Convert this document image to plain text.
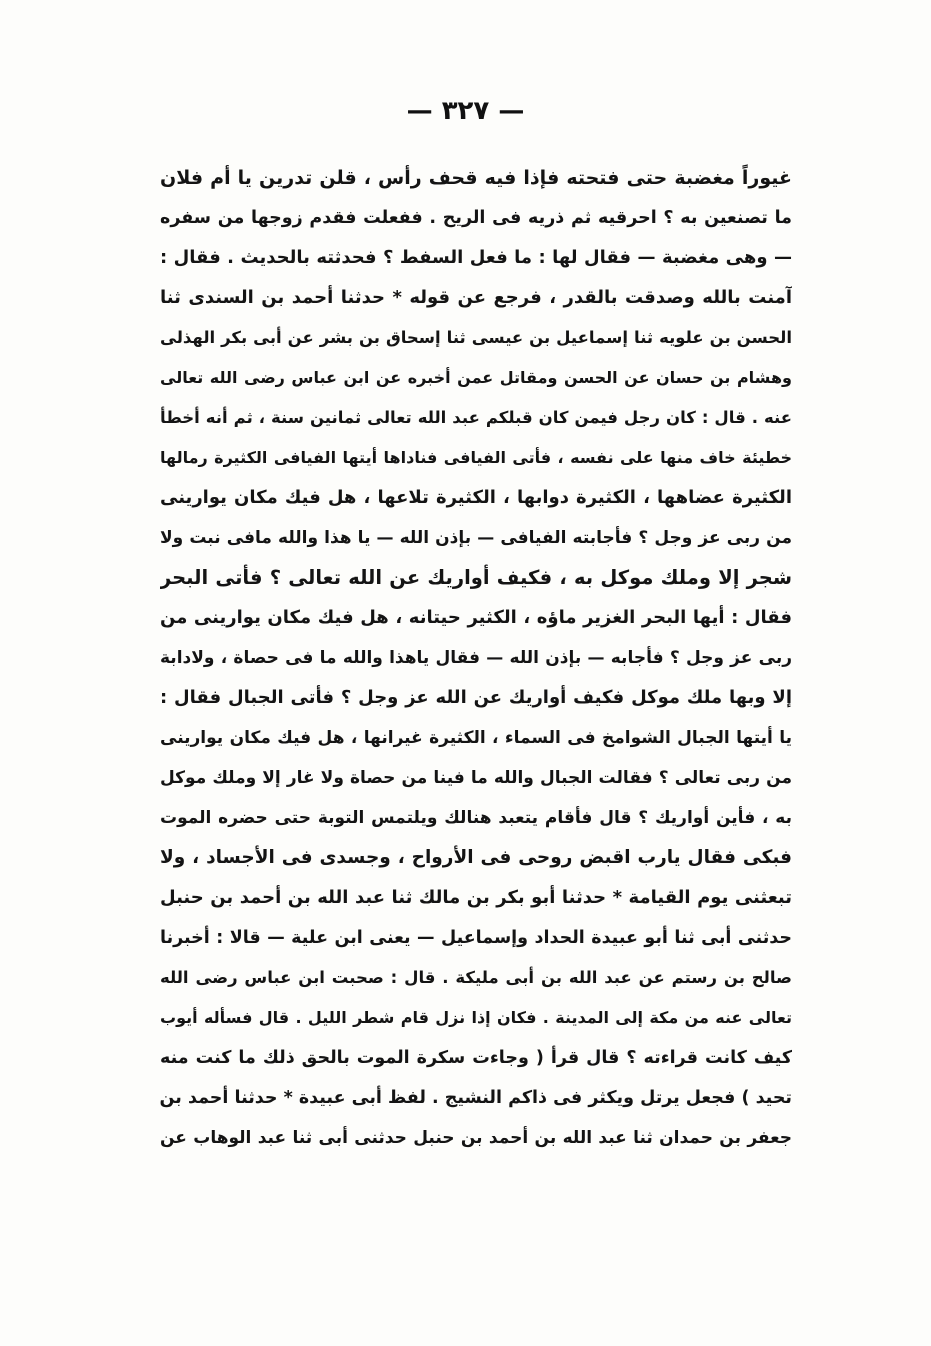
— ٣٢٧ —
غيوراً مغضبة حتى فتحته فإذا فيه قحف رأس ، قلن تدرين يا أم فلان
ما تصنعين به ؟ احرقيه ثم ذريه فى الريح . ففعلت فقدم زوجها من سفره
— وهى مغضبة — فقال لها : ما فعل السفط ؟ فحدثته بالحديث . فقال :
آمنت بالله وصدقت بالقدر ، فرجع عن قوله * حدثنا أحمد بن السندى ثنا
الحسن بن علويه ثنا إسماعيل بن عيسى ثنا إسحاق بن بشر عن أبى بكر الهذلى
وهشام بن حسان عن الحسن ومقاتل عمن أخبره عن ابن عباس رضى الله تعالى
عنه . قال : كان رجل فيمن كان قبلكم عبد الله تعالى ثمانين سنة ، ثم أنه أخطأ
خطيئة خاف منها على نفسه ، فأتى الفيافى فناداها أيتها الفيافى الكثيرة رمالها
الكثيرة عضاهها ، الكثيرة دوابها ، الكثيرة تلاعها ، هل فيك مكان يوارينى
من ربى عز وجل ؟ فأجابته الفيافى — بإذن الله — يا هذا والله مافى نبت ولا
شجر إلا وملك موكل به ، فكيف أواريك عن الله تعالى ؟ فأتى البحر
فقال : أيها البحر الغزير ماؤه ، الكثير حيتانه ، هل فيك مكان يوارينى من
ربى عز وجل ؟ فأجابه — بإذن الله — فقال ياهذا والله ما فى حصاة ، ولادابة
إلا وبها ملك موكل فكيف أواريك عن الله عز وجل ؟ فأتى الجبال فقال :
يا أيتها الجبال الشوامخ فى السماء ، الكثيرة غيرانها ، هل فيك مكان يوارينى
من ربى تعالى ؟ فقالت الجبال والله ما فينا من حصاة ولا غار إلا وملك موكل
به ، فأين أواريك ؟ قال فأقام يتعبد هنالك ويلتمس التوبة حتى حضره الموت
فبكى فقال يارب اقبض روحى فى الأرواح ، وجسدى فى الأجساد ، ولا
تبعثنى يوم القيامة * حدثنا أبو بكر بن مالك ثنا عبد الله بن أحمد بن حنبل
حدثنى أبى ثنا أبو عبيدة الحداد وإسماعيل — يعنى ابن علية — قالا : أخبرنا
صالح بن رستم عن عبد الله بن أبى مليكة . قال : صحبت ابن عباس رضى الله
تعالى عنه من مكة إلى المدينة . فكان إذا نزل قام شطر الليل . قال فسأله أيوب
كيف كانت قراءته ؟ قال قرأ ( وجاءت سكرة الموت بالحق ذلك ما كنت منه
تحيد ) فجعل يرتل ويكثر فى ذاكم النشيج . لفظ أبى عبيدة * حدثنا أحمد بن
جعفر بن حمدان ثنا عبد الله بن أحمد بن حنبل حدثنى أبى ثنا عبد الوهاب عن
